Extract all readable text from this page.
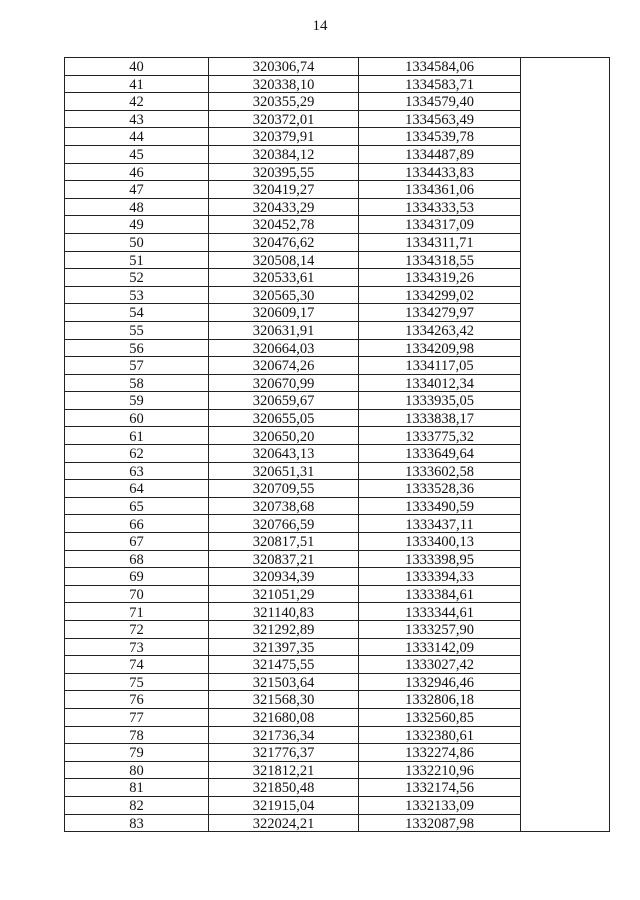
14
40	320306,74	1334584,06	
41	320338,10	1334583,71	
42	320355,29	1334579,40	
43	320372,01	1334563,49	
44	320379,91	1334539,78	
45	320384,12	1334487,89	
46	320395,55	1334433,83	
47	320419,27	1334361,06	
48	320433,29	1334333,53	
49	320452,78	1334317,09	
50	320476,62	1334311,71	
51	320508,14	1334318,55	
52	320533,61	1334319,26	
53	320565,30	1334299,02	
54	320609,17	1334279,97	
55	320631,91	1334263,42	
56	320664,03	1334209,98	
57	320674,26	1334117,05	
58	320670,99	1334012,34	
59	320659,67	1333935,05	
60	320655,05	1333838,17	
61	320650,20	1333775,32	
62	320643,13	1333649,64	
63	320651,31	1333602,58	
64	320709,55	1333528,36	
65	320738,68	1333490,59	
66	320766,59	1333437,11	
67	320817,51	1333400,13	
68	320837,21	1333398,95	
69	320934,39	1333394,33	
70	321051,29	1333384,61	
71	321140,83	1333344,61	
72	321292,89	1333257,90	
73	321397,35	1333142,09	
74	321475,55	1333027,42	
75	321503,64	1332946,46	
76	321568,30	1332806,18	
77	321680,08	1332560,85	
78	321736,34	1332380,61	
79	321776,37	1332274,86	
80	321812,21	1332210,96	
81	321850,48	1332174,56	
82	321915,04	1332133,09	
83	322024,21	1332087,98	
